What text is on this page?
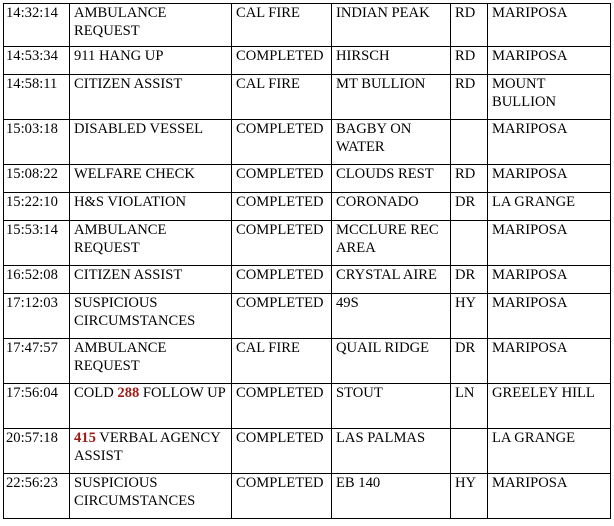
14:32:14	AMBULANCE REQUEST	CAL FIRE	INDIAN PEAK	RD	MARIPOSA
14:53:34	911 HANG UP	COMPLETED	HIRSCH	RD	MARIPOSA
14:58:11	CITIZEN ASSIST	CAL FIRE	MT BULLION	RD	MOUNT BULLION
15:03:18	DISABLED VESSEL	COMPLETED	BAGBY ON WATER		MARIPOSA
15:08:22	WELFARE CHECK	COMPLETED	CLOUDS REST	RD	MARIPOSA
15:22:10	H&S VIOLATION	COMPLETED	CORONADO	DR	LA GRANGE
15:53:14	AMBULANCE REQUEST	COMPLETED	MCCLURE REC AREA		MARIPOSA
16:52:08	CITIZEN ASSIST	COMPLETED	CRYSTAL AIRE	DR	MARIPOSA
17:12:03	SUSPICIOUS CIRCUMSTANCES	COMPLETED	49S	HY	MARIPOSA
17:47:57	AMBULANCE REQUEST	CAL FIRE	QUAIL RIDGE	DR	MARIPOSA
17:56:04	COLD 288 FOLLOW UP	COMPLETED	STOUT	LN	GREELEY HILL
20:57:18	415 VERBAL AGENCY ASSIST	COMPLETED	LAS PALMAS		LA GRANGE
22:56:23	SUSPICIOUS CIRCUMSTANCES	COMPLETED	EB 140	HY	MARIPOSA
